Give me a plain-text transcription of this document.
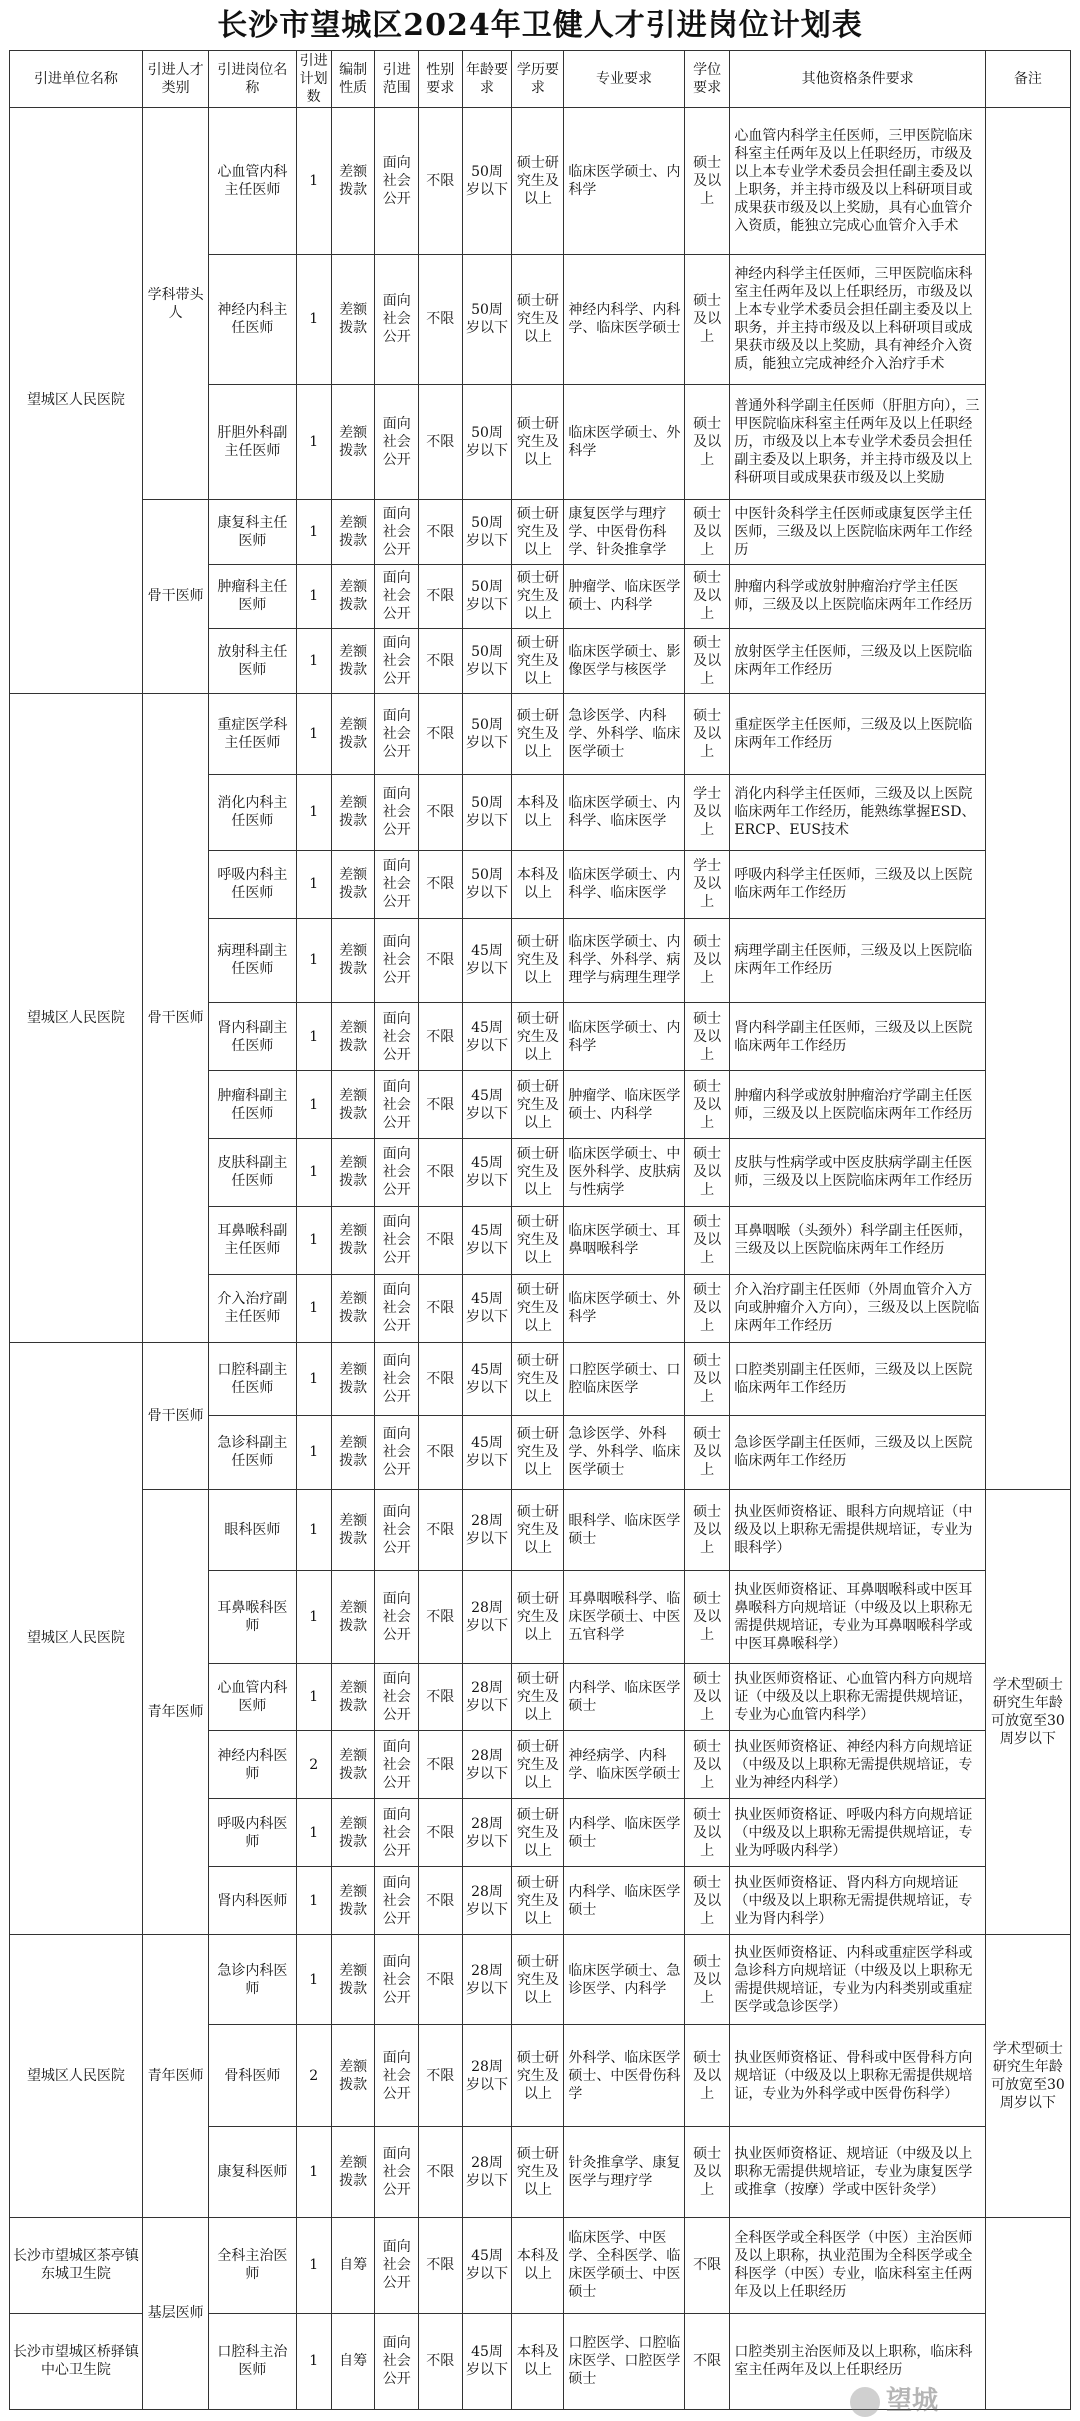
长沙市望城区2024年卫健人才引进岗位计划表
引进单位名称	引进人才类别	引进岗位名称	引进计划数	编制性质	引进范围	性别要求	年龄要求	学历要求	专业要求	学位要求	其他资格条件要求	备注
望城区人民医院	学科带头人	心血管内科主任医师	1	差额拨款	面向社会公开	不限	50周岁以下	硕士研究生及以上	临床医学硕士、内科学	硕士及以上	心血管内科学主任医师，三甲医院临床科室主任两年及以上任职经历，市级及以上本专业学术委员会担任副主委及以上职务，并主持市级及以上科研项目或成果获市级及以上奖励，具有心血管介入资质，能独立完成心血管介入手术	
		神经内科主任医师	1	差额拨款	面向社会公开	不限	50周岁以下	硕士研究生及以上	神经内科学、内科学、临床医学硕士	硕士及以上	神经内科学主任医师，三甲医院临床科室主任两年及以上任职经历，市级及以上本专业学术委员会担任副主委及以上职务，并主持市级及以上科研项目或成果获市级及以上奖励，具有神经介入资质，能独立完成神经介入治疗手术	
		肝胆外科副主任医师	1	差额拨款	面向社会公开	不限	50周岁以下	硕士研究生及以上	临床医学硕士、外科学	硕士及以上	普通外科学副主任医师（肝胆方向），三甲医院临床科室主任两年及以上任职经历，市级及以上本专业学术委员会担任副主委及以上职务，并主持市级及以上科研项目或成果获市级及以上奖励	
	骨干医师	康复科主任医师	1	差额拨款	面向社会公开	不限	50周岁以下	硕士研究生及以上	康复医学与理疗学、中医骨伤科学、针灸推拿学	硕士及以上	中医针灸科学主任医师或康复医学主任医师，三级及以上医院临床两年工作经历	
		肿瘤科主任医师	1	差额拨款	面向社会公开	不限	50周岁以下	硕士研究生及以上	肿瘤学、临床医学硕士、内科学	硕士及以上	肿瘤内科学或放射肿瘤治疗学主任医师，三级及以上医院临床两年工作经历	
		放射科主任医师	1	差额拨款	面向社会公开	不限	50周岁以下	硕士研究生及以上	临床医学硕士、影像医学与核医学	硕士及以上	放射医学主任医师，三级及以上医院临床两年工作经历	
望城区人民医院	骨干医师	重症医学科主任医师	1	差额拨款	面向社会公开	不限	50周岁以下	硕士研究生及以上	急诊医学、内科学、外科学、临床医学硕士	硕士及以上	重症医学主任医师，三级及以上医院临床两年工作经历	
		消化内科主任医师	1	差额拨款	面向社会公开	不限	50周岁以下	本科及以上	临床医学硕士、内科学、临床医学	学士及以上	消化内科学主任医师，三级及以上医院临床两年工作经历，能熟练掌握ESD、ERCP、EUS技术	
		呼吸内科主任医师	1	差额拨款	面向社会公开	不限	50周岁以下	本科及以上	临床医学硕士、内科学、临床医学	学士及以上	呼吸内科学主任医师，三级及以上医院临床两年工作经历	
		病理科副主任医师	1	差额拨款	面向社会公开	不限	45周岁以下	硕士研究生及以上	临床医学硕士、内科学、外科学、病理学与病理生理学	硕士及以上	病理学副主任医师，三级及以上医院临床两年工作经历	
		肾内科副主任医师	1	差额拨款	面向社会公开	不限	45周岁以下	硕士研究生及以上	临床医学硕士、内科学	硕士及以上	肾内科学副主任医师，三级及以上医院临床两年工作经历	
		肿瘤科副主任医师	1	差额拨款	面向社会公开	不限	45周岁以下	硕士研究生及以上	肿瘤学、临床医学硕士、内科学	硕士及以上	肿瘤内科学或放射肿瘤治疗学副主任医师，三级及以上医院临床两年工作经历	
		皮肤科副主任医师	1	差额拨款	面向社会公开	不限	45周岁以下	硕士研究生及以上	临床医学硕士、中医外科学、皮肤病与性病学	硕士及以上	皮肤与性病学或中医皮肤病学副主任医师，三级及以上医院临床两年工作经历	
		耳鼻喉科副主任医师	1	差额拨款	面向社会公开	不限	45周岁以下	硕士研究生及以上	临床医学硕士、耳鼻咽喉科学	硕士及以上	耳鼻咽喉（头颈外）科学副主任医师，三级及以上医院临床两年工作经历	
		介入治疗副主任医师	1	差额拨款	面向社会公开	不限	45周岁以下	硕士研究生及以上	临床医学硕士、外科学	硕士及以上	介入治疗副主任医师（外周血管介入方向或肿瘤介入方向），三级及以上医院临床两年工作经历	
望城区人民医院	骨干医师	口腔科副主任医师	1	差额拨款	面向社会公开	不限	45周岁以下	硕士研究生及以上	口腔医学硕士、口腔临床医学	硕士及以上	口腔类别副主任医师，三级及以上医院临床两年工作经历	
		急诊科副主任医师	1	差额拨款	面向社会公开	不限	45周岁以下	硕士研究生及以上	急诊医学、外科学、外科学、临床医学硕士	硕士及以上	急诊医学副主任医师，三级及以上医院临床两年工作经历	
	青年医师	眼科医师	1	差额拨款	面向社会公开	不限	28周岁以下	硕士研究生及以上	眼科学、临床医学硕士	硕士及以上	执业医师资格证、眼科方向规培证（中级及以上职称无需提供规培证，专业为眼科学）	学术型硕士研究生年龄可放宽至30周岁以下
		耳鼻喉科医师	1	差额拨款	面向社会公开	不限	28周岁以下	硕士研究生及以上	耳鼻咽喉科学、临床医学硕士、中医五官科学	硕士及以上	执业医师资格证、耳鼻咽喉科或中医耳鼻喉科方向规培证（中级及以上职称无需提供规培证，专业为耳鼻咽喉科学或中医耳鼻喉科学）	
		心血管内科医师	1	差额拨款	面向社会公开	不限	28周岁以下	硕士研究生及以上	内科学、临床医学硕士	硕士及以上	执业医师资格证、心血管内科方向规培证（中级及以上职称无需提供规培证，专业为心血管内科学）	
		神经内科医师	2	差额拨款	面向社会公开	不限	28周岁以下	硕士研究生及以上	神经病学、内科学、临床医学硕士	硕士及以上	执业医师资格证、神经内科方向规培证（中级及以上职称无需提供规培证，专业为神经内科学）	
		呼吸内科医师	1	差额拨款	面向社会公开	不限	28周岁以下	硕士研究生及以上	内科学、临床医学硕士	硕士及以上	执业医师资格证、呼吸内科方向规培证（中级及以上职称无需提供规培证，专业为呼吸内科学）	
		肾内科医师	1	差额拨款	面向社会公开	不限	28周岁以下	硕士研究生及以上	内科学、临床医学硕士	硕士及以上	执业医师资格证、肾内科方向规培证（中级及以上职称无需提供规培证，专业为肾内科学）	
望城区人民医院	青年医师	急诊内科医师	1	差额拨款	面向社会公开	不限	28周岁以下	硕士研究生及以上	临床医学硕士、急诊医学、内科学	硕士及以上	执业医师资格证、内科或重症医学科或急诊科方向规培证（中级及以上职称无需提供规培证，专业为内科类别或重症医学或急诊医学）	学术型硕士研究生年龄可放宽至30周岁以下
		骨科医师	2	差额拨款	面向社会公开	不限	28周岁以下	硕士研究生及以上	外科学、临床医学硕士、中医骨伤科学	硕士及以上	执业医师资格证、骨科或中医骨科方向规培证（中级及以上职称无需提供规培证，专业为外科学或中医骨伤科学）	
		康复科医师	1	差额拨款	面向社会公开	不限	28周岁以下	硕士研究生及以上	针灸推拿学、康复医学与理疗学	硕士及以上	执业医师资格证、规培证（中级及以上职称无需提供规培证，专业为康复医学或推拿（按摩）学或中医针灸学）	
长沙市望城区茶亭镇东城卫生院	基层医师	全科主治医师	1	自筹	面向社会公开	不限	45周岁以下	本科及以上	临床医学、中医学、全科医学、临床医学硕士、中医硕士	不限	全科医学或全科医学（中医）主治医师及以上职称，执业范围为全科医学或全科医学（中医）专业，临床科室主任两年及以上任职经历	
长沙市望城区桥驿镇中心卫生院		口腔科主治医师	1	自筹	面向社会公开	不限	45周岁以下	本科及以上	口腔医学、口腔临床医学、口腔医学硕士	不限	口腔类别主治医师及以上职称，临床科室主任两年及以上任职经历	
望城
